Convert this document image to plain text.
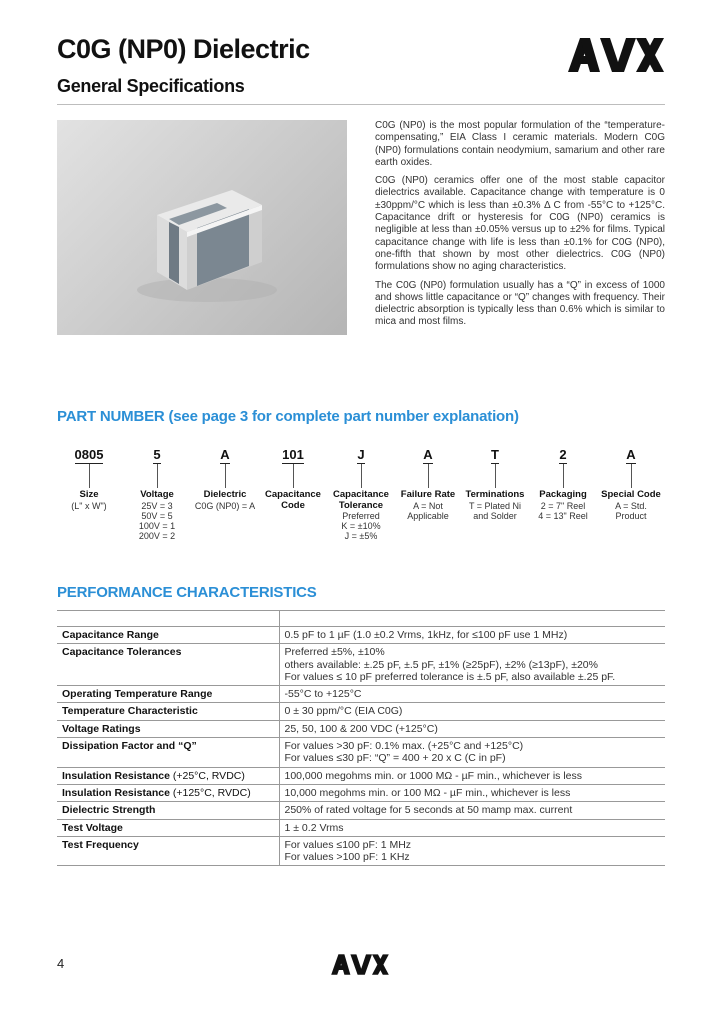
C0G (NP0) Dielectric
General Specifications
AVX

C0G (NP0) is the most popular formulation of the “temperature-compensating,” EIA Class I ceramic materials. Modern C0G (NP0) formulations contain neodymium, samarium and other rare earth oxides.

C0G (NP0) ceramics offer one of the most stable capacitor dielectrics available. Capacitance change with temperature is 0 ±30ppm/°C which is less than ±0.3% Δ C from -55°C to +125°C. Capacitance drift or hysteresis for C0G (NP0) ceramics is negligible at less than ±0.05% versus up to ±2% for films. Typical capacitance change with life is less than ±0.1% for C0G (NP0), one-fifth that shown by most other dielectrics. C0G (NP0) formulations show no aging characteristics.

The C0G (NP0) formulation usually has a “Q” in excess of 1000 and shows little capacitance or “Q” changes with frequency. Their dielectric absorption is typically less than 0.6% which is similar to mica and most films.

PART NUMBER (see page 3 for complete part number explanation)
0805
Size
(L" x W")
5
Voltage
25V = 3
50V = 5
100V = 1
200V = 2
A
Dielectric
C0G (NP0) = A
101
Capacitance Code
J
Capacitance Tolerance
Preferred
K = ±10%
J = ±5%
A
Failure Rate
A = Not
Applicable
T
Terminations
T = Plated Ni
and Solder
2
Packaging
2 = 7" Reel
4 = 13" Reel
A
Special Code
A = Std.
Product
PERFORMANCE CHARACTERISTICS

Capacitance Range	0.5 pF to 1 µF (1.0 ±0.2 Vrms, 1kHz, for ≤100 pF use 1 MHz)

Capacitance Tolerances	Preferred ±5%, ±10%
others available: ±.25 pF, ±.5 pF, ±1% (≥25pF), ±2% (≥13pF), ±20%
For values ≤ 10 pF preferred tolerance is ±.5 pF, also available ±.25 pF.

Operating Temperature Range	-55°C to +125°C

Temperature Characteristic	0 ± 30 ppm/°C (EIA C0G)

Voltage Ratings	25, 50, 100 & 200 VDC (+125°C)

Dissipation Factor and “Q”	For values >30 pF: 0.1% max. (+25°C and +125°C)
For values ≤30 pF: “Q” = 400 + 20 x C (C in pF)

Insulation Resistance (+25°C, RVDC)	100,000 megohms min. or 1000 MΩ - µF min., whichever is less

Insulation Resistance (+125°C, RVDC)	10,000 megohms min. or 100 MΩ - µF min., whichever is less

Dielectric Strength	250% of rated voltage for 5 seconds at 50 mamp max. current

Test Voltage	1 ± 0.2 Vrms

Test Frequency	For values ≤100 pF: 1 MHz
For values >100 pF: 1 KHz
4
AVX
